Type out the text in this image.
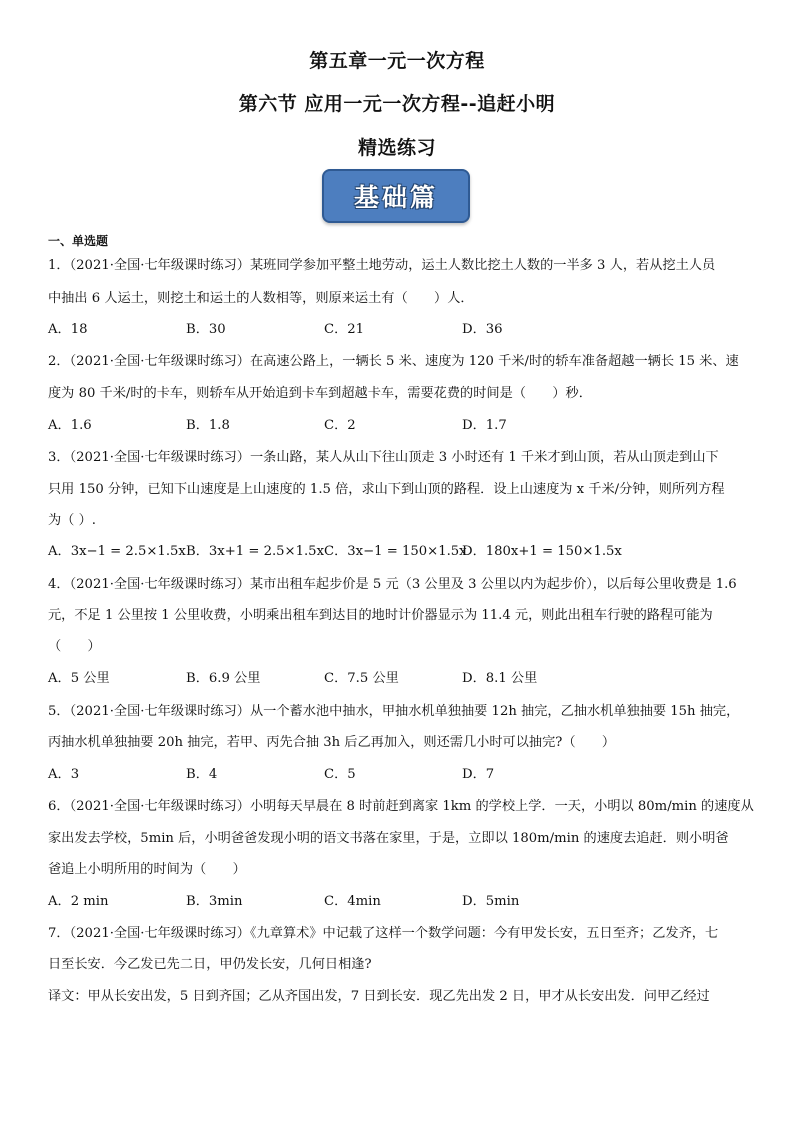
第五章一元一次方程
第六节 应用一元一次方程--追赶小明
精选练习
基础篇
一、单选题
1．（2021·全国·七年级课时练习）某班同学参加平整土地劳动，运土人数比挖土人数的一半多 3 人，若从挖土人员
中抽出 6 人运土，则挖土和运土的人数相等，则原来运土有（　　）人．
A．18	B．30	C．21	D．36
2．（2021·全国·七年级课时练习）在高速公路上，一辆长 5 米、速度为 120 千米/时的轿车准备超越一辆长 15 米、速
度为 80 千米/时的卡车，则轿车从开始追到卡车到超越卡车，需要花费的时间是（　　）秒．
A．1.6	B．1.8	C．2	D．1.7
3．（2021·全国·七年级课时练习）一条山路，某人从山下往山顶走 3 小时还有 1 千米才到山顶，若从山顶走到山下
只用 150 分钟，已知下山速度是上山速度的 1.5 倍，求山下到山顶的路程．设上山速度为 x 千米/分钟，则所列方程
为（ ）.
A．3x−1 = 2.5×1.5x B．3x+1 = 2.5×1.5x C．3x−1 = 150×1.5x
D．180x+1 = 150×1.5x
4．（2021·全国·七年级课时练习）某市出租车起步价是 5 元（3 公里及 3 公里以内为起步价），以后每公里收费是 1.6
元，不足 1 公里按 1 公里收费，小明乘出租车到达目的地时计价器显示为 11.4 元，则此出租车行驶的路程可能为
（　　）
A．5 公里	B．6.9 公里	C．7.5 公里	D．8.1 公里
5．（2021·全国·七年级课时练习）从一个蓄水池中抽水，甲抽水机单独抽要 12h 抽完，乙抽水机单独抽要 15h 抽完，
丙抽水机单独抽要 20h 抽完，若甲、丙先合抽 3h 后乙再加入，则还需几小时可以抽完?（　　）
A．3	B．4	C．5	D．7
6．（2021·全国·七年级课时练习）小明每天早晨在 8 时前赶到离家 1km 的学校上学．一天，小明以 80m/min 的速度从
家出发去学校，5min 后，小明爸爸发现小明的语文书落在家里，于是，立即以 180m/min 的速度去追赶．则小明爸
爸追上小明所用的时间为（　　）
A．2 min	B．3min	C．4min	D．5min
7．（2021·全国·七年级课时练习）《九章算术》中记载了这样一个数学问题：今有甲发长安，五日至齐；乙发齐，七
日至长安．今乙发已先二日，甲仍发长安，几何日相逢?
译文：甲从长安出发，5 日到齐国；乙从齐国出发，7 日到长安．现乙先出发 2 日，甲才从长安出发．问甲乙经过
